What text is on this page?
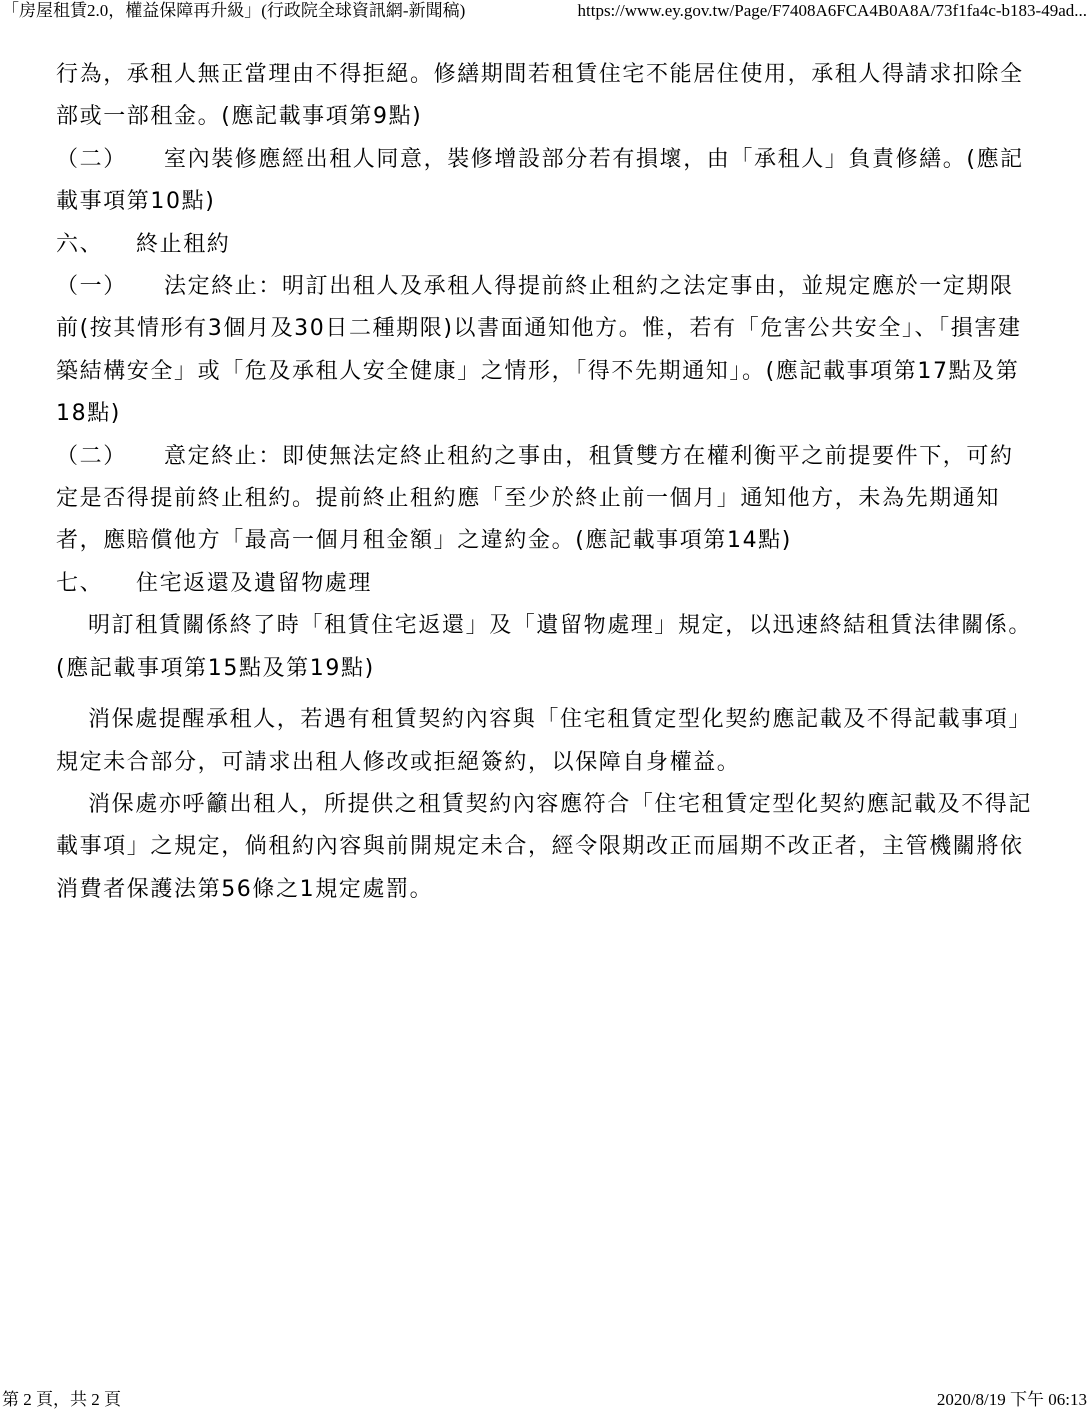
「房屋租賃2.0，權益保障再升級」(行政院全球資訊網-新聞稿)	https://www.ey.gov.tw/Page/F7408A6FCA4B0A8A/73f1fa4c-b183-49ad...

行為，承租人無正當理由不得拒絕。修繕期間若租賃住宅不能居住使用，承租人得請求扣除全部或一部租金。(應記載事項第9點)

（二） 室內裝修應經出租人同意，裝修增設部分若有損壞，由「承租人」負責修繕。(應記載事項第10點)

六、 終止租約

（一） 法定終止：明訂出租人及承租人得提前終止租約之法定事由，並規定應於一定期限前(按其情形有3個月及30日二種期限)以書面通知他方。惟，若有「危害公共安全」、「損害建築結構安全」或「危及承租人安全健康」之情形，「得不先期通知」。(應記載事項第17點及第18點)

（二） 意定終止：即使無法定終止租約之事由，租賃雙方在權利衡平之前提要件下，可約定是否得提前終止租約。提前終止租約應「至少於終止前一個月」通知他方，未為先期通知者，應賠償他方「最高一個月租金額」之違約金。(應記載事項第14點)

七、 住宅返還及遺留物處理

明訂租賃關係終了時「租賃住宅返還」及「遺留物處理」規定，以迅速終結租賃法律關係。(應記載事項第15點及第19點)

消保處提醒承租人，若遇有租賃契約內容與「住宅租賃定型化契約應記載及不得記載事項」規定未合部分，可請求出租人修改或拒絕簽約，以保障自身權益。

消保處亦呼籲出租人，所提供之租賃契約內容應符合「住宅租賃定型化契約應記載及不得記載事項」之規定，倘租約內容與前開規定未合，經令限期改正而屆期不改正者，主管機關將依消費者保護法第56條之1規定處罰。

第 2 頁，共 2 頁	2020/8/19 下午 06:13
